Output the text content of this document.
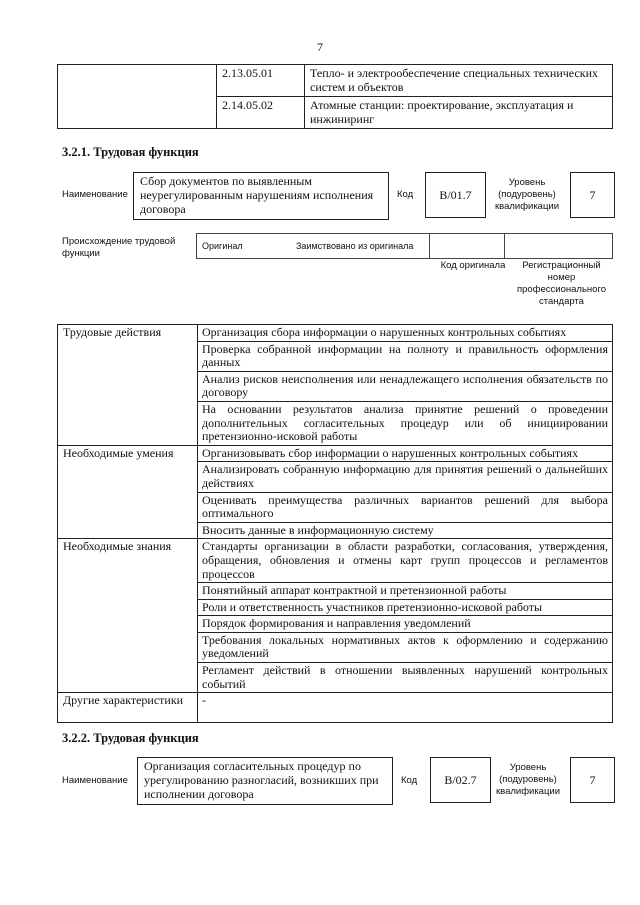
7
	2.13.05.01	Тепло- и электрообеспечение специальных технических систем и объектов
	2.14.05.02	Атомные станции: проектирование, эксплуатация и инжиниринг
3.2.1. Трудовая функция
Наименование
Сбор документов по выявленным неурегулированным нарушениям исполнения договора
Код	В/01.7
Уровень (подуровень) квалификации
7
Происхождение трудовой функции
Оригинал	Заимствовано из оригинала		
Код оригинала	Регистрационный номер профессионального стандарта
Трудовые действия	Организация сбора информации о нарушенных контрольных событиях
	Проверка собранной информации на полноту и правильность оформления данных
	Анализ рисков неисполнения или ненадлежащего исполнения обязательств по договору
	На основании результатов анализа принятие решений о проведении дополнительных согласительных процедур или об инициировании претензионно-исковой работы
Необходимые умения	Организовывать сбор информации о нарушенных контрольных событиях
	Анализировать собранную информацию для принятия решений о дальнейших действиях
	Оценивать преимущества различных вариантов решений для выбора оптимального
	Вносить данные в информационную систему
Необходимые знания	Стандарты организации в области разработки, согласования, утверждения, обращения, обновления и отмены карт групп процессов и регламентов процессов
	Понятийный аппарат контрактной и претензионной работы
	Роли и ответственность участников претензионно-исковой работы
	Порядок формирования и направления уведомлений
	Требования локальных нормативных актов к оформлению и содержанию уведомлений
	Регламент действий в отношении выявленных нарушений контрольных событий
Другие характеристики	-
3.2.2. Трудовая функция
Наименование
Организация согласительных процедур по урегулированию разногласий, возникших при исполнении договора
Код	В/02.7
Уровень (подуровень) квалификации
7
